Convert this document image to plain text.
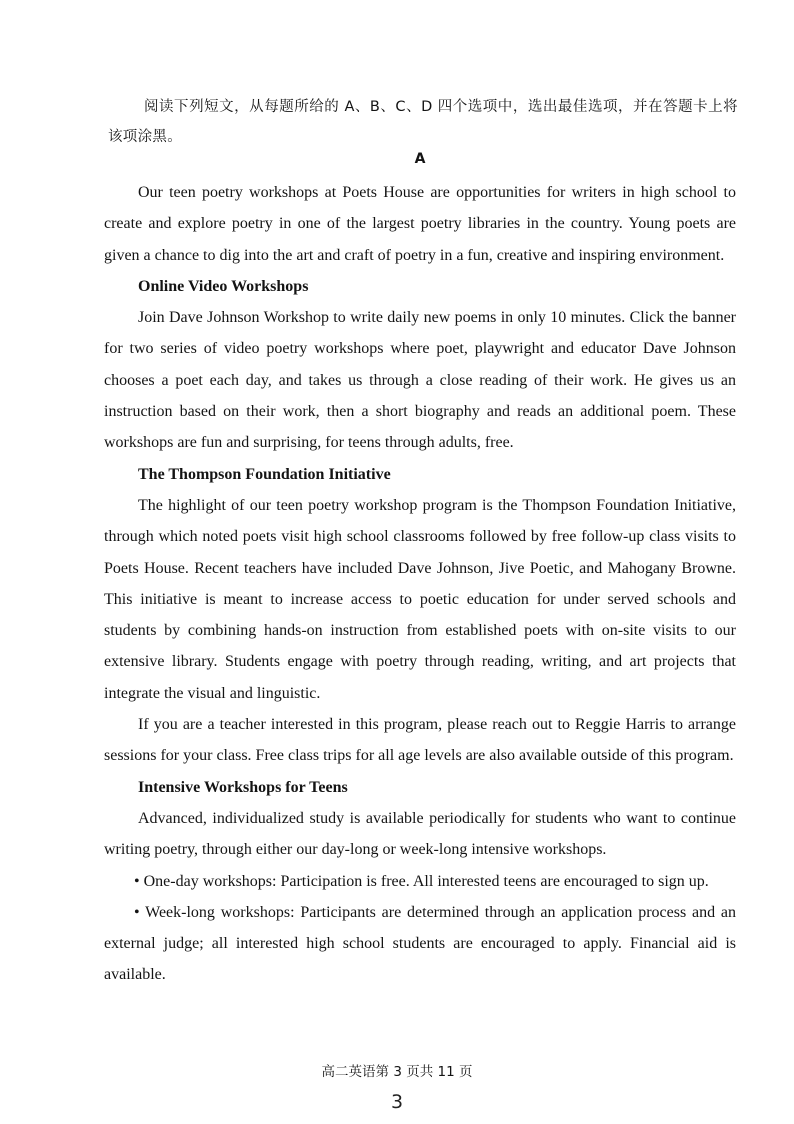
阅读下列短文，从每题所给的 A、B、C、D 四个选项中，选出最佳选项，并在答题卡上将该项涂黑。
A

Our teen poetry workshops at Poets House are opportunities for writers in high school to create and explore poetry in one of the largest poetry libraries in the country. Young poets are given a chance to dig into the art and craft of poetry in a fun, creative and inspiring environment.

Online Video Workshops

Join Dave Johnson Workshop to write daily new poems in only 10 minutes. Click the banner for two series of video poetry workshops where poet, playwright and educator Dave Johnson chooses a poet each day, and takes us through a close reading of their work. He gives us an instruction based on their work, then a short biography and reads an additional poem. These workshops are fun and surprising, for teens through adults, free.

The Thompson Foundation Initiative

The highlight of our teen poetry workshop program is the Thompson Foundation Initiative, through which noted poets visit high school classrooms followed by free follow-up class visits to Poets House. Recent teachers have included Dave Johnson, Jive Poetic, and Mahogany Browne. This initiative is meant to increase access to poetic education for under served schools and students by combining hands-on instruction from established poets with on-site visits to our extensive library. Students engage with poetry through reading, writing, and art projects that integrate the visual and linguistic.

If you are a teacher interested in this program, please reach out to Reggie Harris to arrange sessions for your class. Free class trips for all age levels are also available outside of this program.

Intensive Workshops for Teens

Advanced, individualized study is available periodically for students who want to continue writing poetry, through either our day-long or week-long intensive workshops.

• One-day workshops: Participation is free. All interested teens are encouraged to sign up.

• Week-long workshops: Participants are determined through an application process and an external judge; all interested high school students are encouraged to apply. Financial aid is available.

高二英语第 3 页共 11 页
3
